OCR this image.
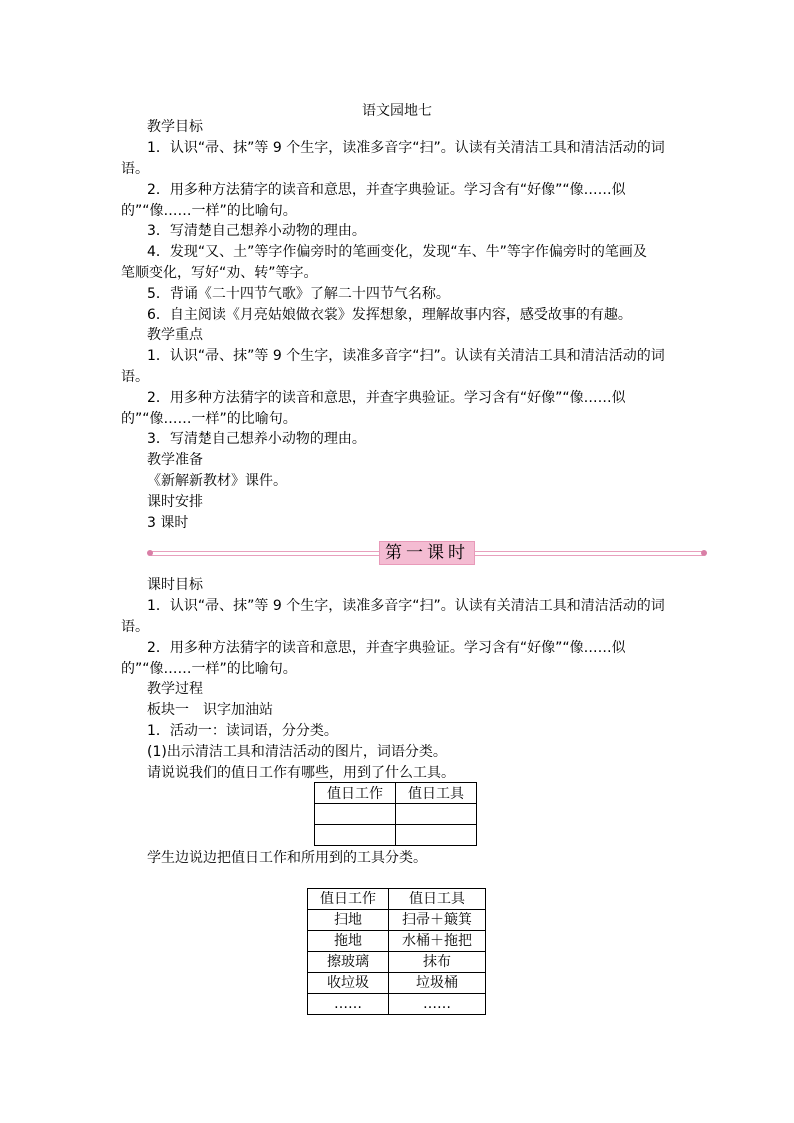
语文园地七
教学目标
1．认识“帚、抹”等 9 个生字，读准多音字“扫”。认读有关清洁工具和清洁活动的词
语。
2．用多种方法猜字的读音和意思，并查字典验证。学习含有“好像”“像……似
的”“像……一样”的比喻句。
3．写清楚自己想养小动物的理由。
4．发现“又、土”等字作偏旁时的笔画变化，发现“车、牛”等字作偏旁时的笔画及
笔顺变化，写好“劝、转”等字。
5．背诵《二十四节气歌》了解二十四节气名称。
6．自主阅读《月亮姑娘做衣裳》发挥想象，理解故事内容，感受故事的有趣。
教学重点
1．认识“帚、抹”等 9 个生字，读准多音字“扫”。认读有关清洁工具和清洁活动的词
语。
2．用多种方法猜字的读音和意思，并查字典验证。学习含有“好像”“像……似
的”“像……一样”的比喻句。
3．写清楚自己想养小动物的理由。
教学准备
《新解新教材》课件。
课时安排
3 课时
第一课时
课时目标
1．认识“帚、抹”等 9 个生字，读准多音字“扫”。认读有关清洁工具和清洁活动的词
语。
2．用多种方法猜字的读音和意思，并查字典验证。学习含有“好像”“像……似
的”“像……一样”的比喻句。
教学过程
板块一　识字加油站
1．活动一：读词语，分分类。
(1)出示清洁工具和清洁活动的图片，词语分类。
请说说我们的值日工作有哪些，用到了什么工具。
值日工作	值日工具

学生边说边把值日工作和所用到的工具分类。
值日工作	值日工具
扫地	扫帚＋簸箕
拖地	水桶＋拖把
擦玻璃	抹布
收垃圾	垃圾桶
……	……
